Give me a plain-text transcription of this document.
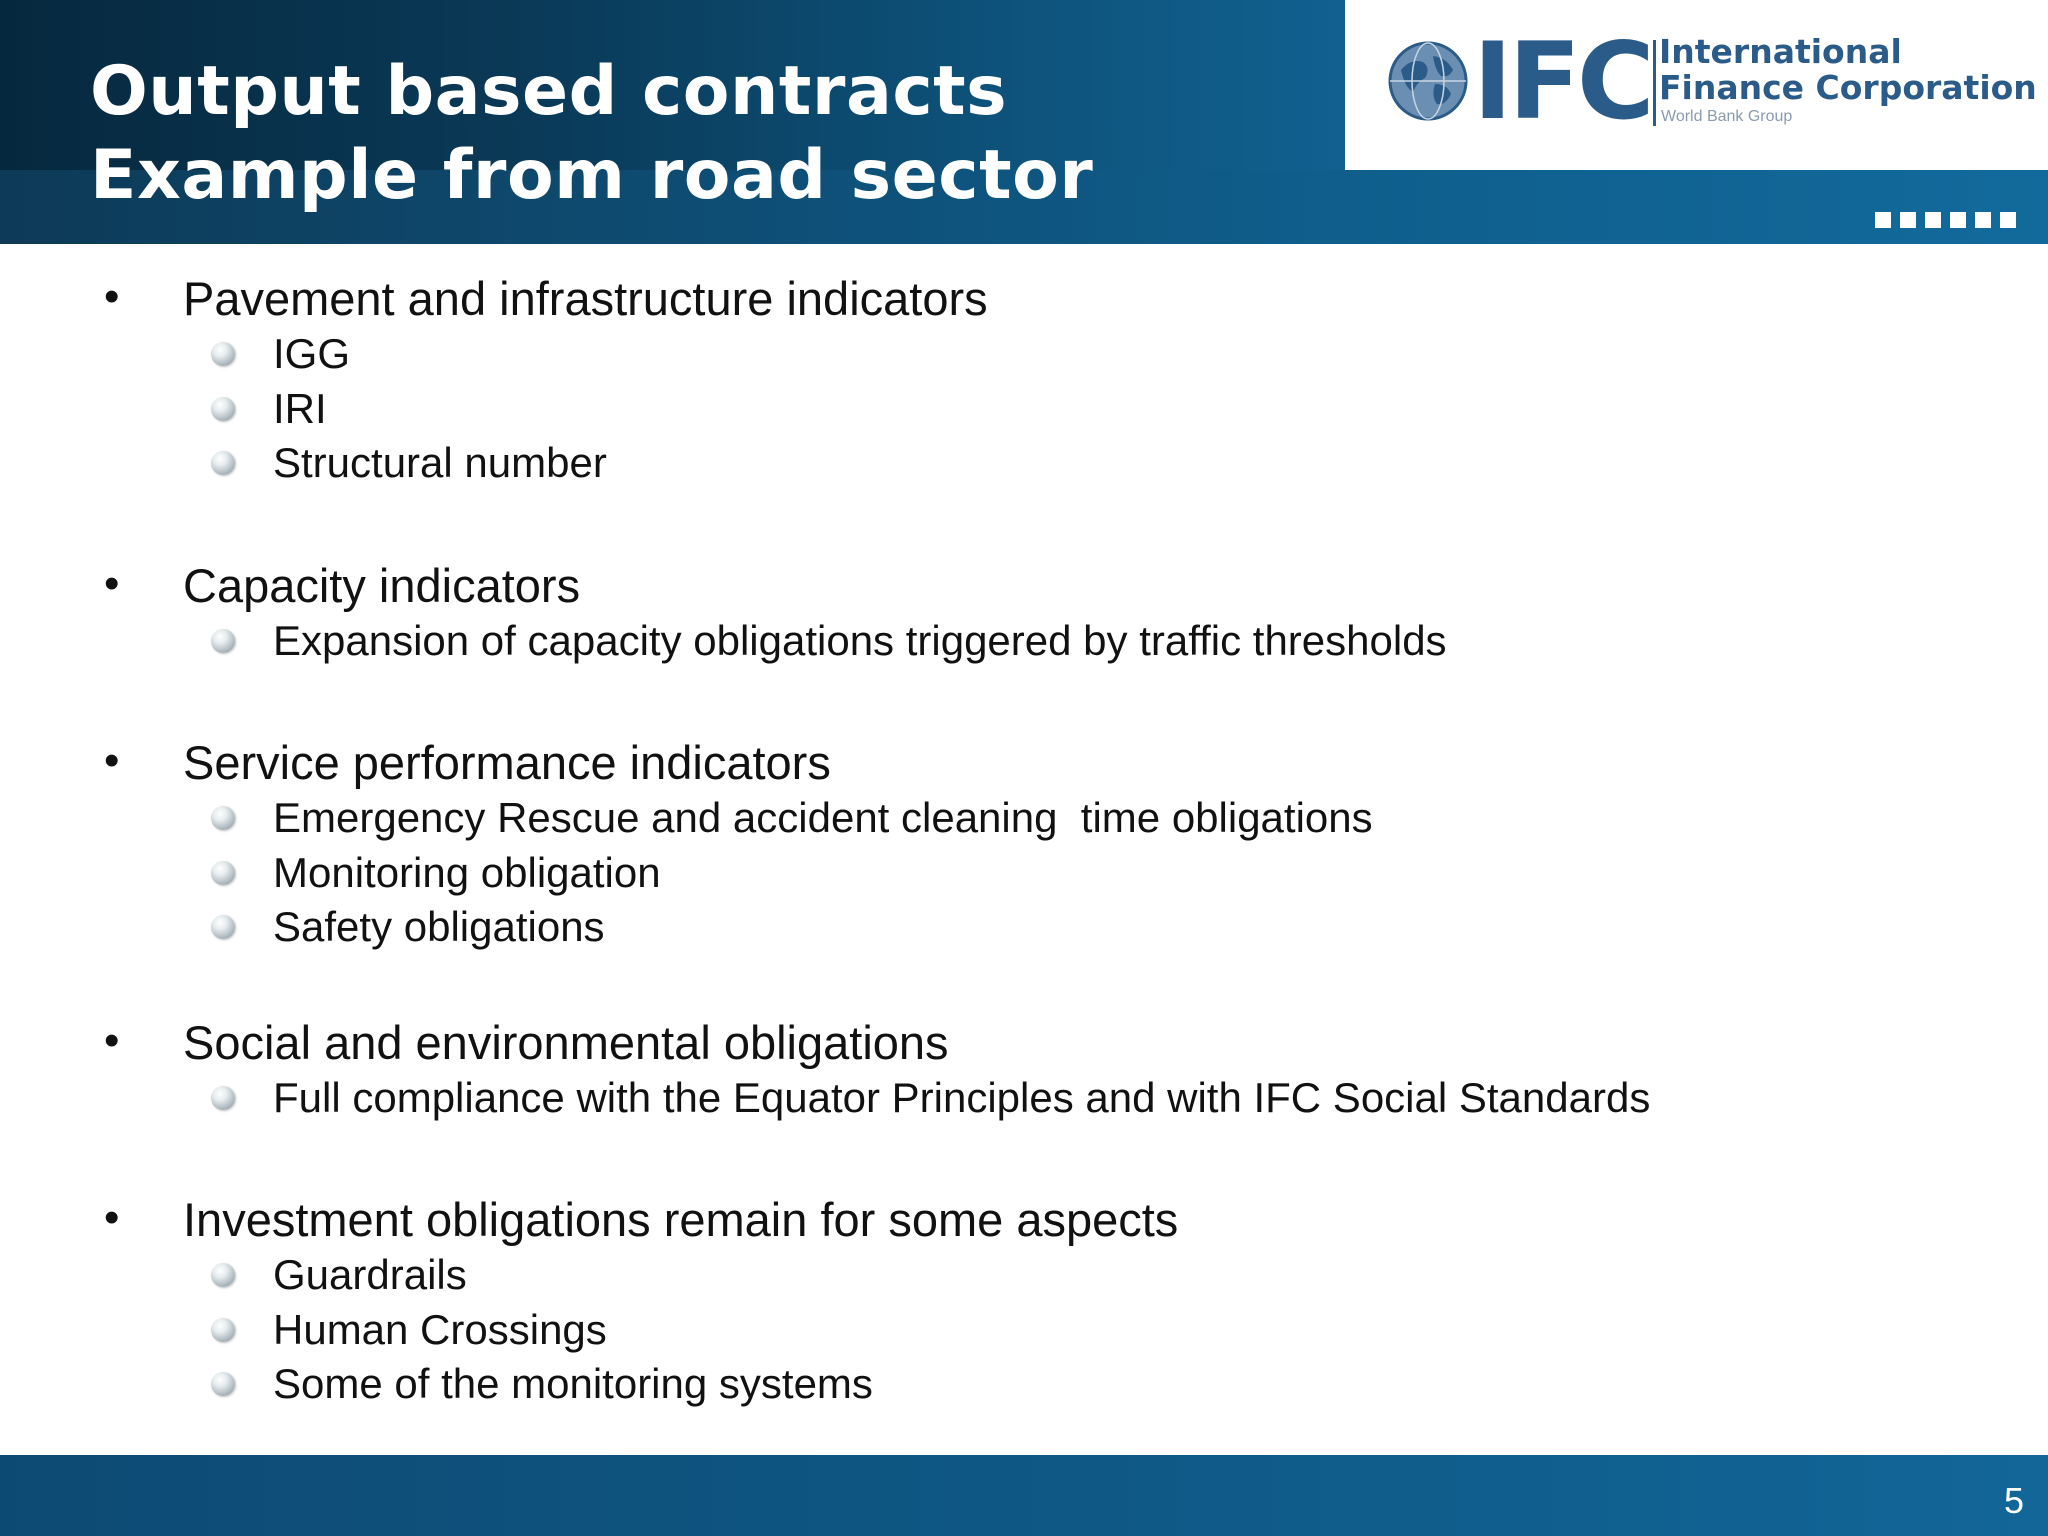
Output based contracts
Example from road sector
IFC International
Finance Corporation
World Bank Group
• Pavement and infrastructure indicators
IGG
IRI
Structural number
• Capacity indicators
Expansion of capacity obligations triggered by traffic thresholds
• Service performance indicators
Emergency Rescue and accident cleaning  time obligations
Monitoring obligation
Safety obligations
• Social and environmental obligations
Full compliance with the Equator Principles and with IFC Social Standards
• Investment obligations remain for some aspects
Guardrails
Human Crossings
Some of the monitoring systems
5
